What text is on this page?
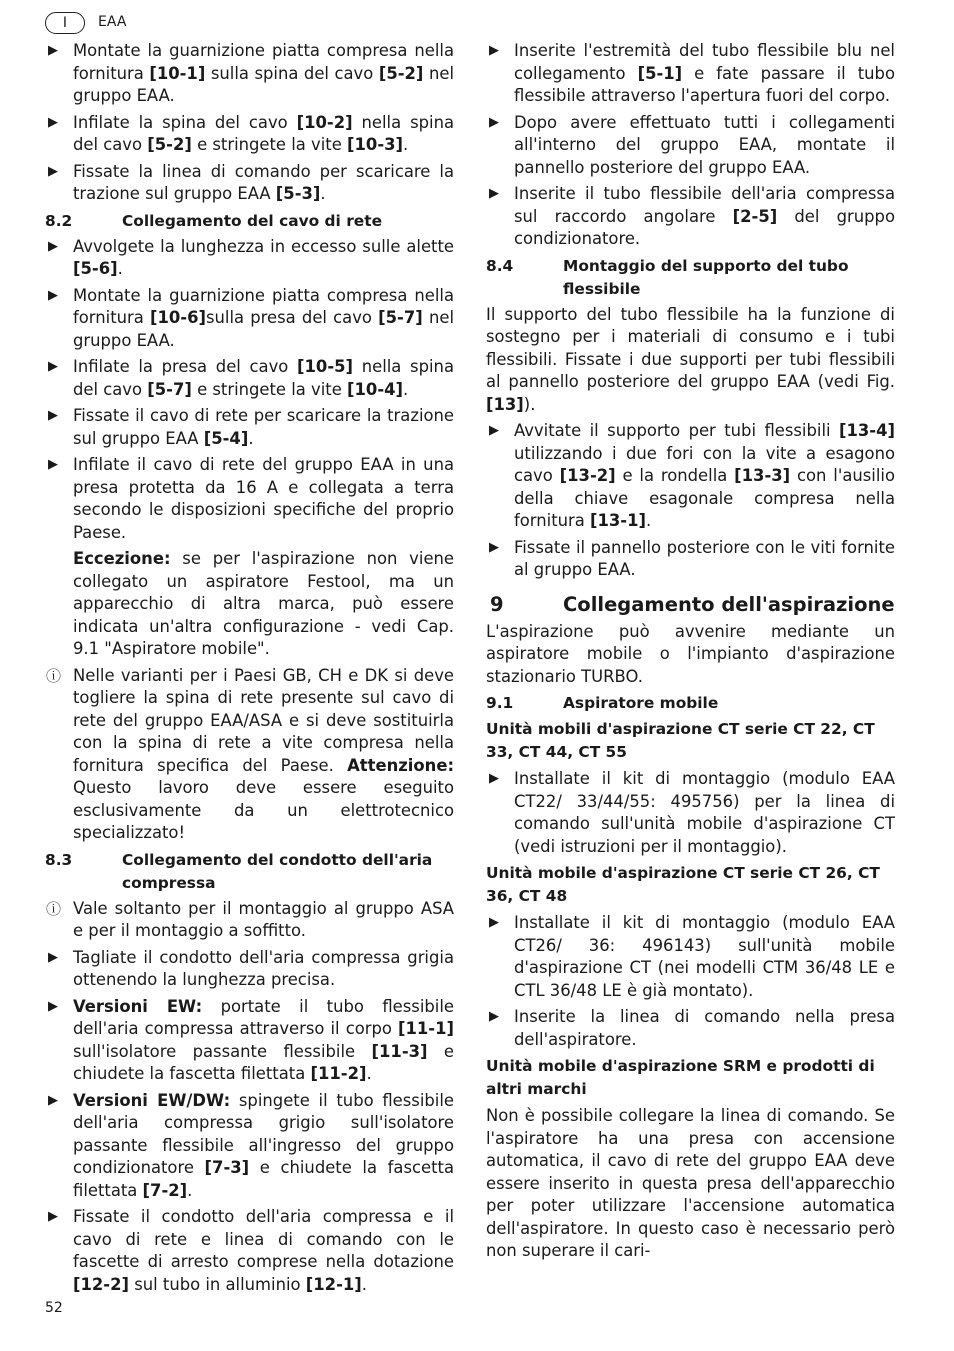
I	EAA
▶ Montate la guarnizione piatta compresa nella fornitura [10-1] sulla spina del cavo [5-2] nel gruppo EAA.
▶ Infilate la spina del cavo [10-2] nella spina del cavo [5-2] e stringete la vite [10-3].
▶ Fissate la linea di comando per scaricare la trazione sul gruppo EAA [5-3].
8.2	Collegamento del cavo di rete
▶ Avvolgete la lunghezza in eccesso sulle alette [5-6].
▶ Montate la guarnizione piatta compresa nella fornitura [10-6]sulla presa del cavo [5-7] nel gruppo EAA.
▶ Infilate la presa del cavo [10-5] nella spina del cavo [5-7] e stringete la vite [10-4].
▶ Fissate il cavo di rete per scaricare la trazione sul gruppo EAA [5-4].
▶ Infilate il cavo di rete del gruppo EAA in una presa protetta da 16 A e collegata a terra secondo le disposizioni specifiche del proprio Paese.
Eccezione: se per l'aspirazione non viene collegato un aspiratore Festool, ma un apparecchio di altra marca, può essere indicata un'altra configurazione - vedi Cap. 9.1 "Aspiratore mobile".
ⓘ Nelle varianti per i Paesi GB, CH e DK si deve togliere la spina di rete presente sul cavo di rete del gruppo EAA/ASA e si deve sostituirla con la spina di rete a vite compresa nella fornitura specifica del Paese. Attenzione: Questo lavoro deve essere eseguito esclusivamente da un elettrotecnico specializzato!
8.3	Collegamento del condotto dell'aria compressa
ⓘ Vale soltanto per il montaggio al gruppo ASA e per il montaggio a soffitto.
▶ Tagliate il condotto dell'aria compressa grigia ottenendo la lunghezza precisa.
▶ Versioni EW: portate il tubo flessibile dell'aria compressa attraverso il corpo [11-1] sull'isolatore passante flessibile [11-3] e chiudete la fascetta filettata [11-2].
▶ Versioni EW/DW: spingete il tubo flessibile dell'aria compressa grigio sull'isolatore passante flessibile all'ingresso del gruppo condizionatore [7-3] e chiudete la fascetta filettata [7-2].
▶ Fissate il condotto dell'aria compressa e il cavo di rete e linea di comando con le fascette di arresto comprese nella dotazione [12-2] sul tubo in alluminio [12-1].
▶ Inserite l'estremità del tubo flessibile blu nel collegamento [5-1] e fate passare il tubo flessibile attraverso l'apertura fuori del corpo.
▶ Dopo avere effettuato tutti i collegamenti all'interno del gruppo EAA, montate il pannello posteriore del gruppo EAA.
▶ Inserite il tubo flessibile dell'aria compressa sul raccordo angolare [2-5] del gruppo condizionatore.
8.4	Montaggio del supporto del tubo flessibile
Il supporto del tubo flessibile ha la funzione di sostegno per i materiali di consumo e i tubi flessibili. Fissate i due supporti per tubi flessibili al pannello posteriore del gruppo EAA (vedi Fig. [13]).
▶ Avvitate il supporto per tubi flessibili [13-4] utilizzando i due fori con la vite a esagono cavo [13-2] e la rondella [13-3] con l'ausilio della chiave esagonale compresa nella fornitura [13-1].
▶ Fissate il pannello posteriore con le viti fornite al gruppo EAA.
9	Collegamento dell'aspirazione
L'aspirazione può avvenire mediante un aspiratore mobile o l'impianto d'aspirazione stazionario TURBO.
9.1	Aspiratore mobile
Unità mobili d'aspirazione CT serie CT 22, CT 33, CT 44, CT 55
▶ Installate il kit di montaggio (modulo EAA CT22/ 33/44/55: 495756) per la linea di comando sull'unità mobile d'aspirazione CT (vedi istruzioni per il montaggio).
Unità mobile d'aspirazione CT serie CT 26, CT 36, CT 48
▶ Installate il kit di montaggio (modulo EAA CT26/ 36: 496143) sull'unità mobile d'aspirazione CT (nei modelli CTM 36/48 LE e CTL 36/48 LE è già montato).
▶ Inserite la linea di comando nella presa dell'aspiratore.
Unità mobile d'aspirazione SRM e prodotti di altri marchi
Non è possibile collegare la linea di comando. Se l'aspiratore ha una presa con accensione automatica, il cavo di rete del gruppo EAA deve essere inserito in questa presa dell'apparecchio per poter utilizzare l'accensione automatica dell'aspiratore. In questo caso è necessario però non superare il cari-
52
